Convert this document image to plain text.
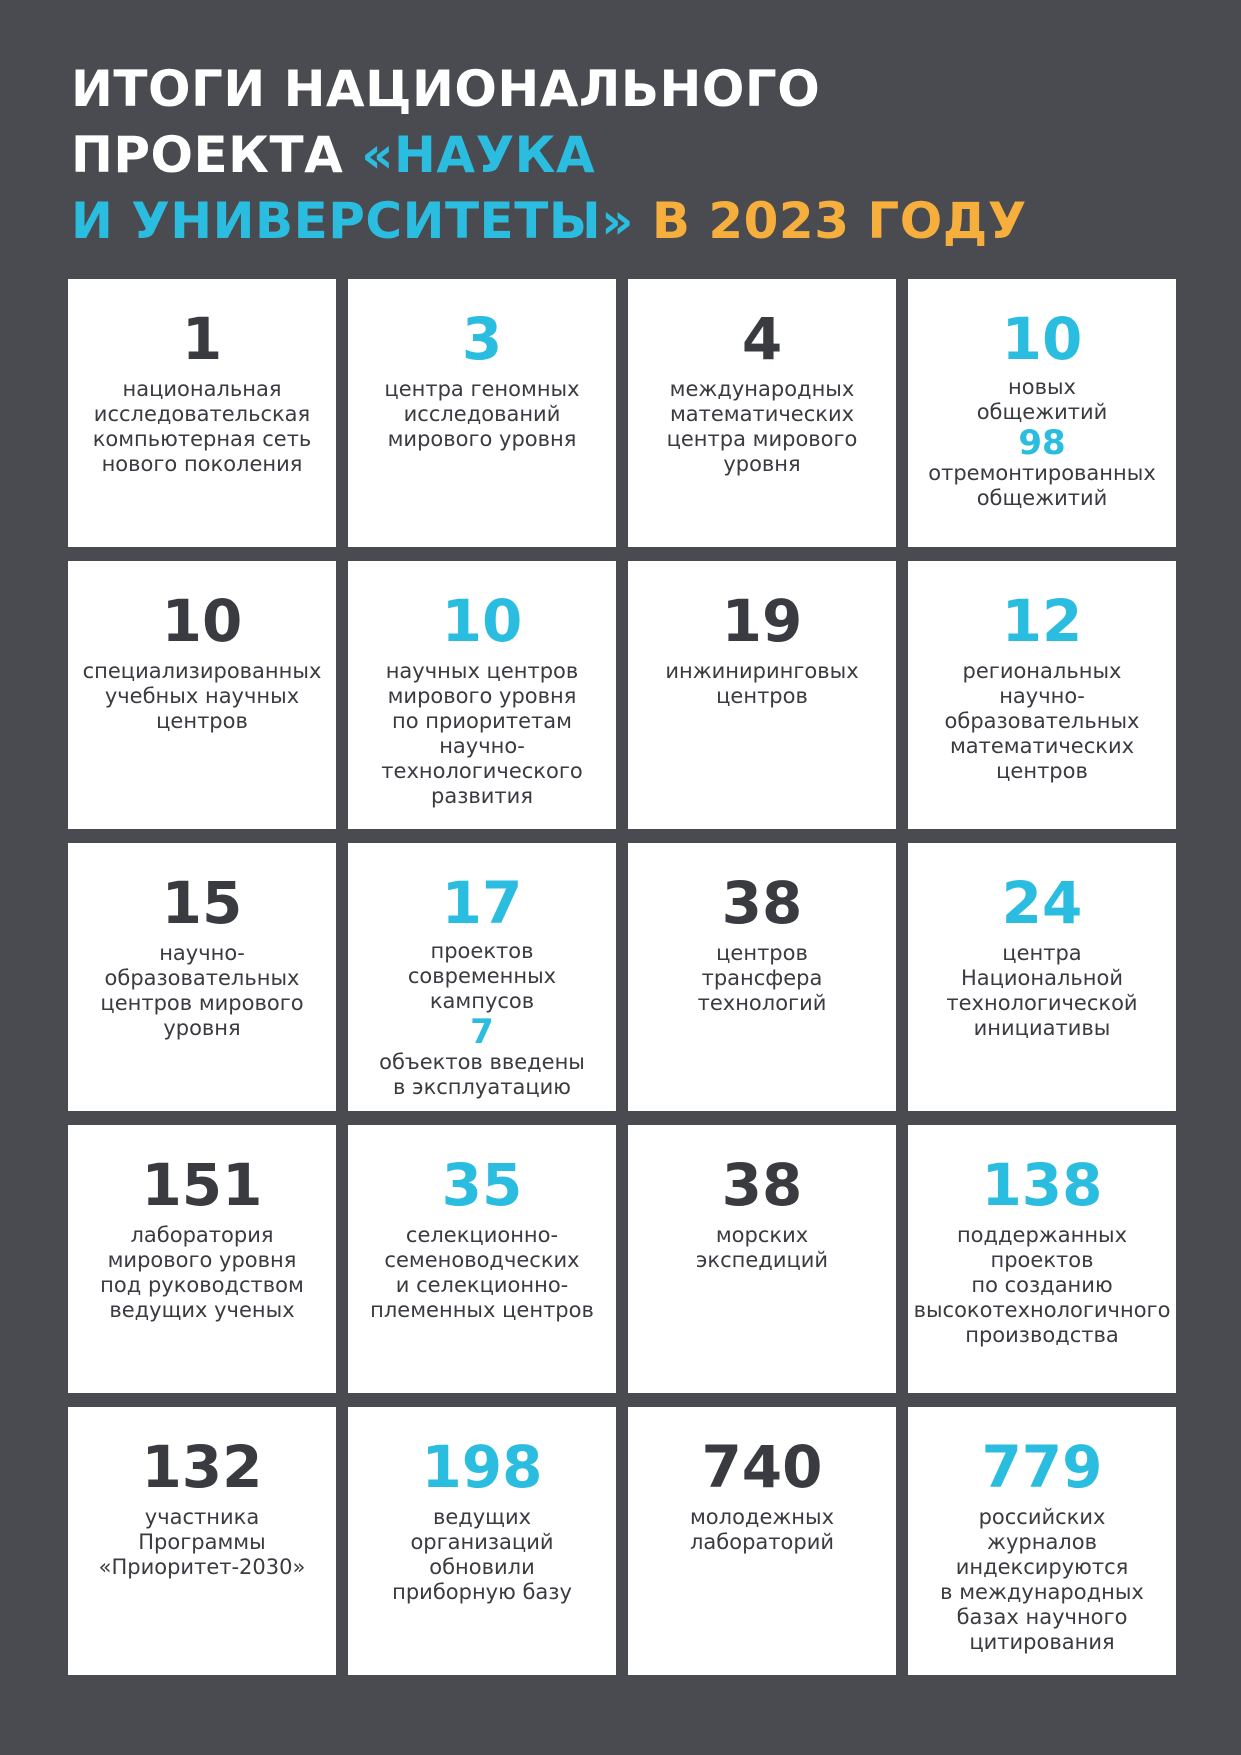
ИТОГИ НАЦИОНАЛЬНОГО
ПРОЕКТА «НАУКА
И УНИВЕРСИТЕТЫ» В 2023 ГОДУ
1
национальная
исследовательская
компьютерная сеть
нового поколения
3
центра геномных
исследований
мирового уровня
4
международных
математических
центра мирового
уровня
10
новых
общежитий
98
отремонтированных
общежитий
10
специализированных
учебных научных
центров
10
научных центров
мирового уровня
по приоритетам
научно-
технологического
развития
19
инжиниринговых
центров
12
региональных
научно-
образовательных
математических
центров
15
научно-
образовательных
центров мирового
уровня
17
проектов
современных
кампусов
7
объектов введены
в эксплуатацию
38
центров
трансфера
технологий
24
центра
Национальной
технологической
инициативы
151
лаборатория
мирового уровня
под руководством
ведущих ученых
35
селекционно-
семеноводческих
и селекционно-
племенных центров
38
морских
экспедиций
138
поддержанных
проектов
по созданию
высокотехнологичного
производства
132
участника
Программы
«Приоритет-2030»
198
ведущих
организаций
обновили
приборную базу
740
молодежных
лабораторий
779
российских
журналов
индексируются
в международных
базах научного
цитирования
